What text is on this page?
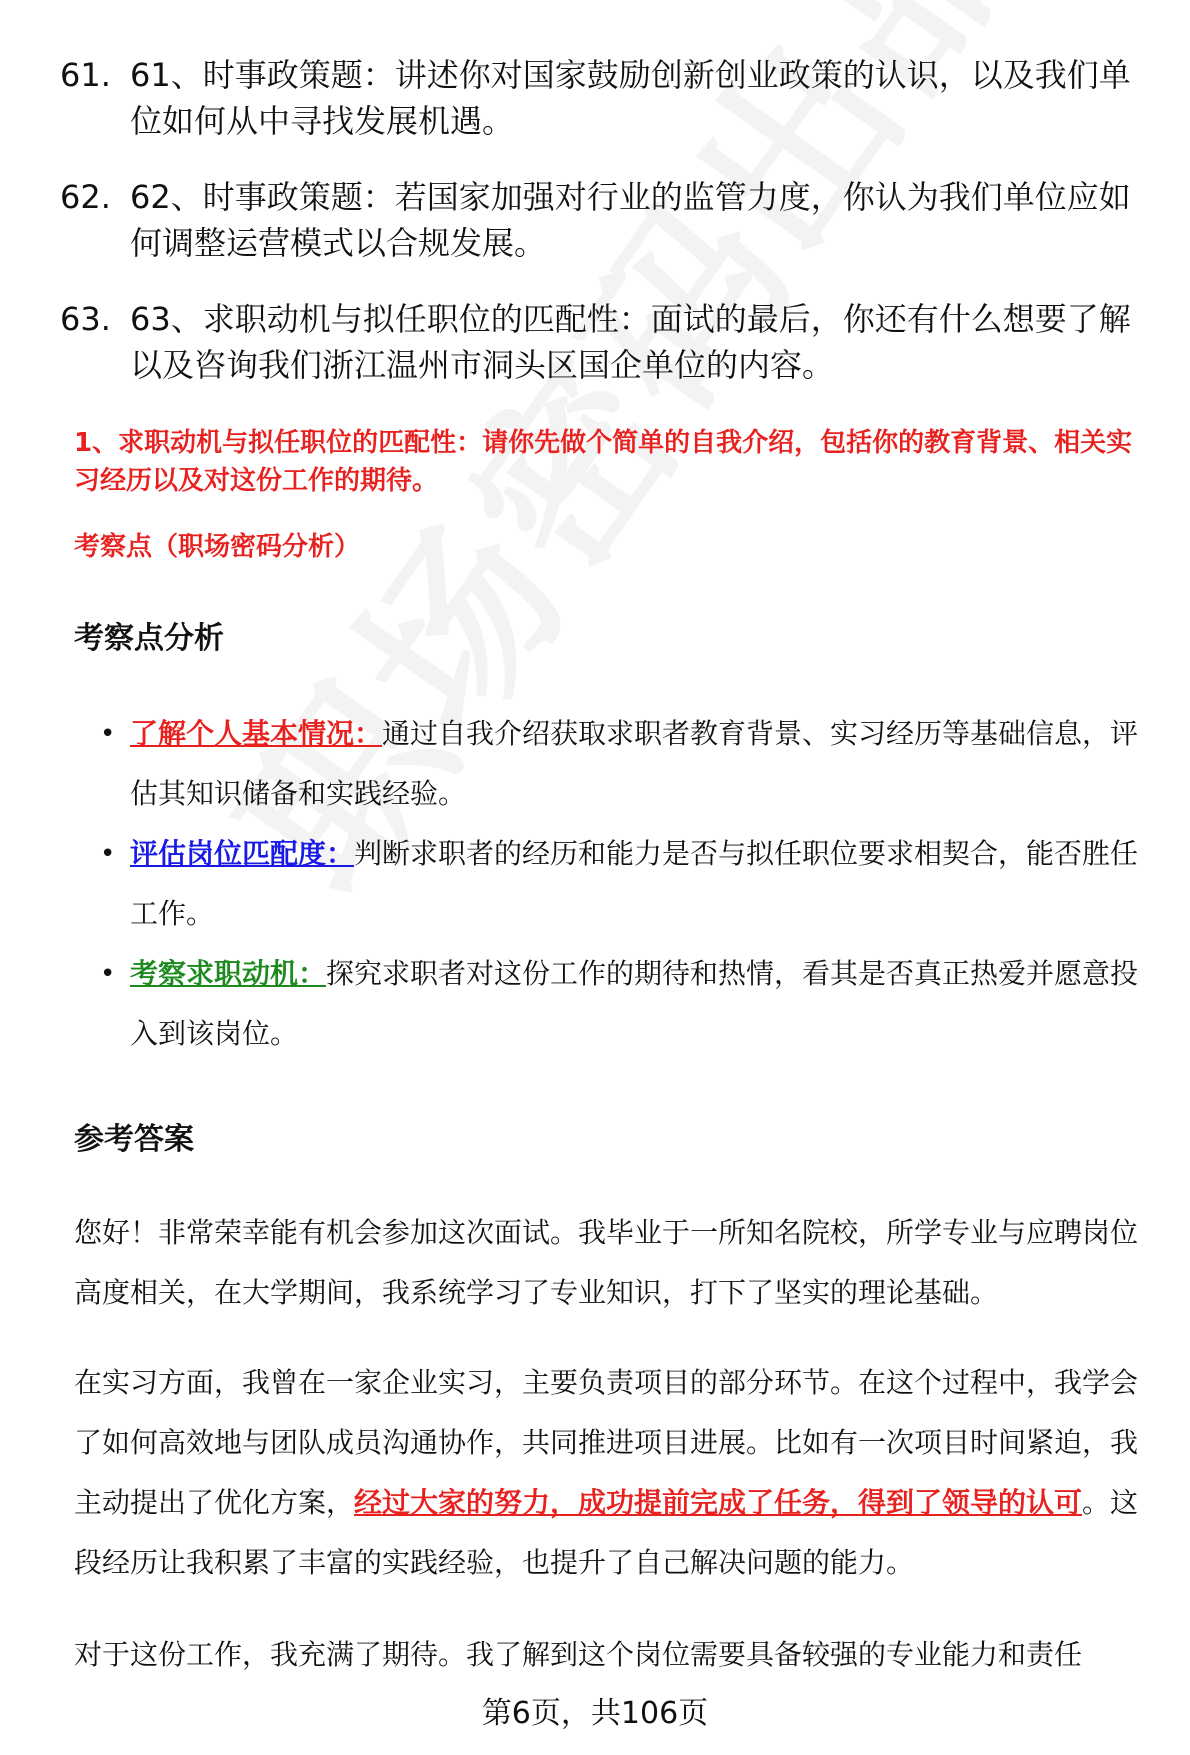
61. 61、时事政策题：讲述你对国家鼓励创新创业政策的认识，以及我们单位如何从中寻找发展机遇。
62. 62、时事政策题：若国家加强对行业的监管力度，你认为我们单位应如何调整运营模式以合规发展。
63. 63、求职动机与拟任职位的匹配性：面试的最后，你还有什么想要了解以及咨询我们浙江温州市洞头区国企单位的内容。
1、求职动机与拟任职位的匹配性：请你先做个简单的自我介绍，包括你的教育背景、相关实习经历以及对这份工作的期待。
考察点（职场密码分析）
考察点分析
• 了解个人基本情况：通过自我介绍获取求职者教育背景、实习经历等基础信息，评估其知识储备和实践经验。
• 评估岗位匹配度：判断求职者的经历和能力是否与拟任职位要求相契合，能否胜任工作。
• 考察求职动机：探究求职者对这份工作的期待和热情，看其是否真正热爱并愿意投入到该岗位。
参考答案

您好！非常荣幸能有机会参加这次面试。我毕业于一所知名院校，所学专业与应聘岗位高度相关，在大学期间，我系统学习了专业知识，打下了坚实的理论基础。

在实习方面，我曾在一家企业实习，主要负责项目的部分环节。在这个过程中，我学会了如何高效地与团队成员沟通协作，共同推进项目进展。比如有一次项目时间紧迫，我主动提出了优化方案，经过大家的努力，成功提前完成了任务，得到了领导的认可。这段经历让我积累了丰富的实践经验，也提升了自己解决问题的能力。

对于这份工作，我充满了期待。我了解到这个岗位需要具备较强的专业能力和责任

第6页，共106页
